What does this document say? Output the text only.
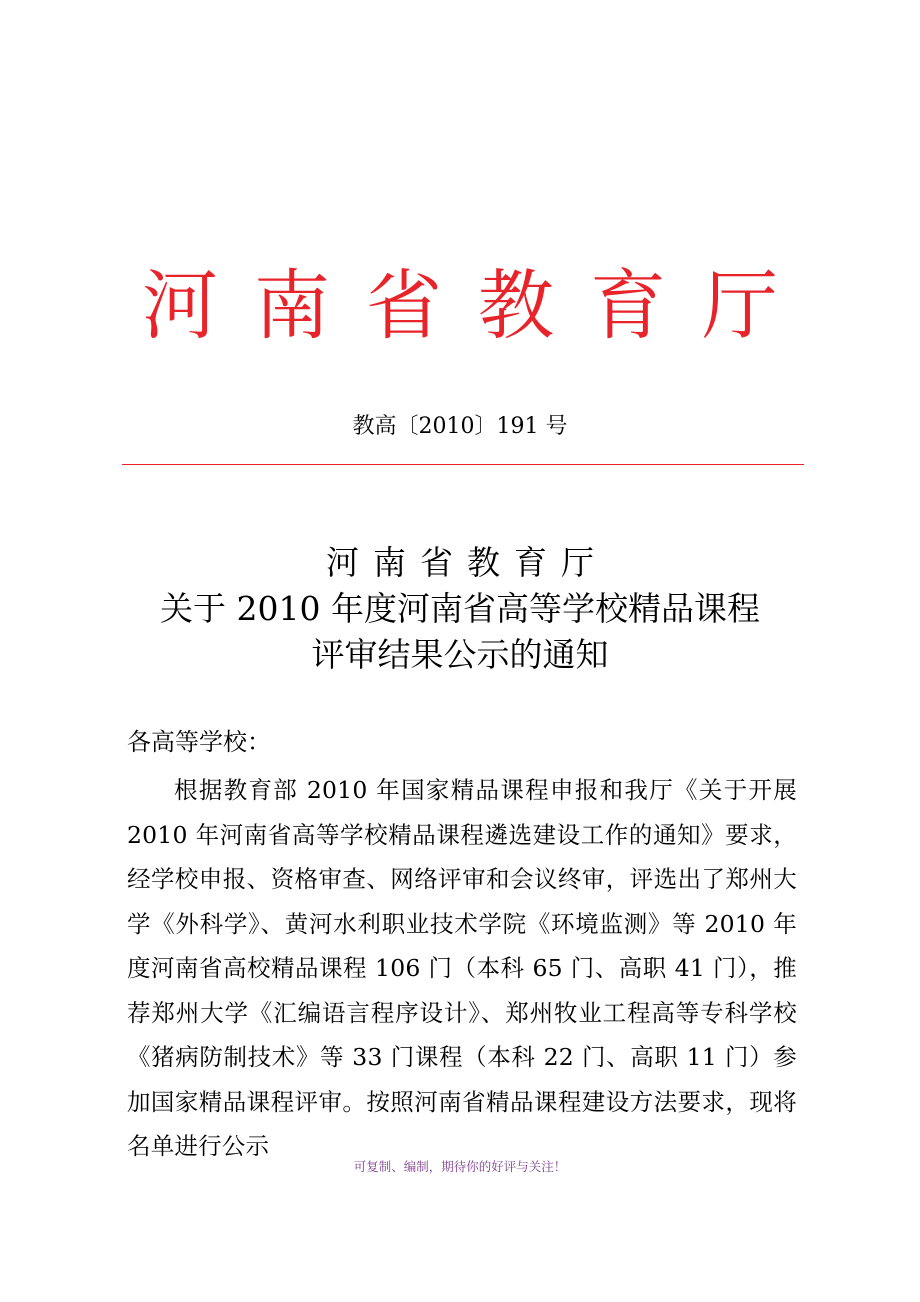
河南省教育厅
教高〔2010〕191 号
河南省教育厅
关于 2010 年度河南省高等学校精品课程
评审结果公示的通知
各高等学校：
根据教育部 2010 年国家精品课程申报和我厅《关于开展 2010 年河南省高等学校精品课程遴选建设工作的通知》要求，经学校申报、资格审查、网络评审和会议终审，评选出了郑州大学《外科学》、黄河水利职业技术学院《环境监测》等 2010 年度河南省高校精品课程 106 门（本科 65 门、高职 41 门），推荐郑州大学《汇编语言程序设计》、郑州牧业工程高等专科学校《猪病防制技术》等 33 门课程（本科 22 门、高职 11 门）参加国家精品课程评审。按照河南省精品课程建设方法要求，现将名单进行公示
可复制、编制，期待你的好评与关注！
